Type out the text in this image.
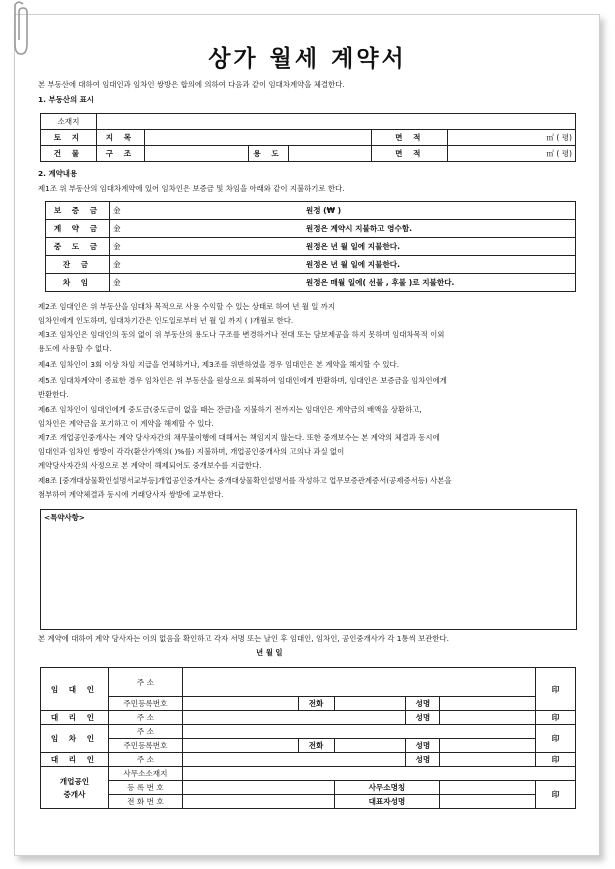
상가 월세 계약서
본 부동산에 대하여 임대인과 임차인 쌍방은 합의에 의하여 다음과 같이 임대차계약을 체결한다.
1. 부동산의 표시
소재지						
토 지	지 목				면 적	㎡ ( 평)
건 물	구 조		용 도		면 적	㎡ ( 평)
2. 계약내용
제1조 위 부동산의 임대차계약에 있어 임차인은 보증금 및 차임을 아래와 같이 지불하기로 한다.
보 증 금	金	원정 (₩ )
계 약 금	金	원정은 계약시 지불하고 영수함.
중 도 금	金	원정은 년 월 일에 지불한다.
잔 금	金	원정은 년 월 일에 지불한다.
차 임	金	원정은 매월 일에( 선불 , 후불 )로 지불한다.
제2조 임대인은 위 부동산을 임대차 목적으로 사용 수익할 수 있는 상태로 하여 년 월 일 까지
임차인에게 인도하며, 임대차기간은 인도일로부터 년 월 일 까지 ( )개월로 한다.
제3조 임차인은 임대인의 동의 없이 위 부동산의 용도나 구조를 변경하거나 전대 또는 담보제공을 하지 못하며 임대차목적 이외
용도에 사용할 수 없다.
제4조 임차인이 3회 이상 차임 지급을 연체하거나, 제3조를 위반하였을 경우 임대인은 본 계약을 해지할 수 있다.
제5조 임대차계약이 종료한 경우 임차인은 위 부동산을 원상으로 회복하여 임대인에게 반환하며, 임대인은 보증금을 임차인에게
반환한다.
제6조 임차인이 임대인에게 중도금(중도금이 없을 때는 잔금)을 지불하기 전까지는 임대인은 계약금의 배액을 상환하고,
임차인은 계약금을 포기하고 이 계약을 해제할 수 있다.
제7조 개업공인중개사는 계약 당사자간의 채무불이행에 대해서는 책임지지 않는다. 또한 중개보수는 본 계약의 체결과 동시에
임대인과 임차인 쌍방이 각각(환산가액의( )%를) 지불하며, 개업공인중개사의 고의나 과실 없이
계약당사자간의 사정으로 본 계약이 해제되어도 중개보수를 지급한다.
제8조 [중개대상물확인설명서교부등]개업공인중개사는 중개대상물확인설명서를 작성하고 업무보증관계증서(공제증서등) 사본을
첨부하여 계약체결과 동시에 거래당사자 쌍방에 교부한다.
<특약사항>
본 계약에 대하여 계약 당사자는 이의 없음을 확인하고 각자 서명 또는 날인 후 임대인, 임차인, 공인중개사가 각 1통씩 보관한다.
년 월 일
임 대 인	주 소						印
	주민등록번호		전화		성명		
대 리 인	주 소				성명		印
임 차 인	주 소						印
	주민등록번호		전화		성명		
대 리 인	주 소				성명		印

개업공인
중개사	사무소소재지						
	등 록 번 호			사무소명칭			印
	전 화 번 호			대표자성명			
